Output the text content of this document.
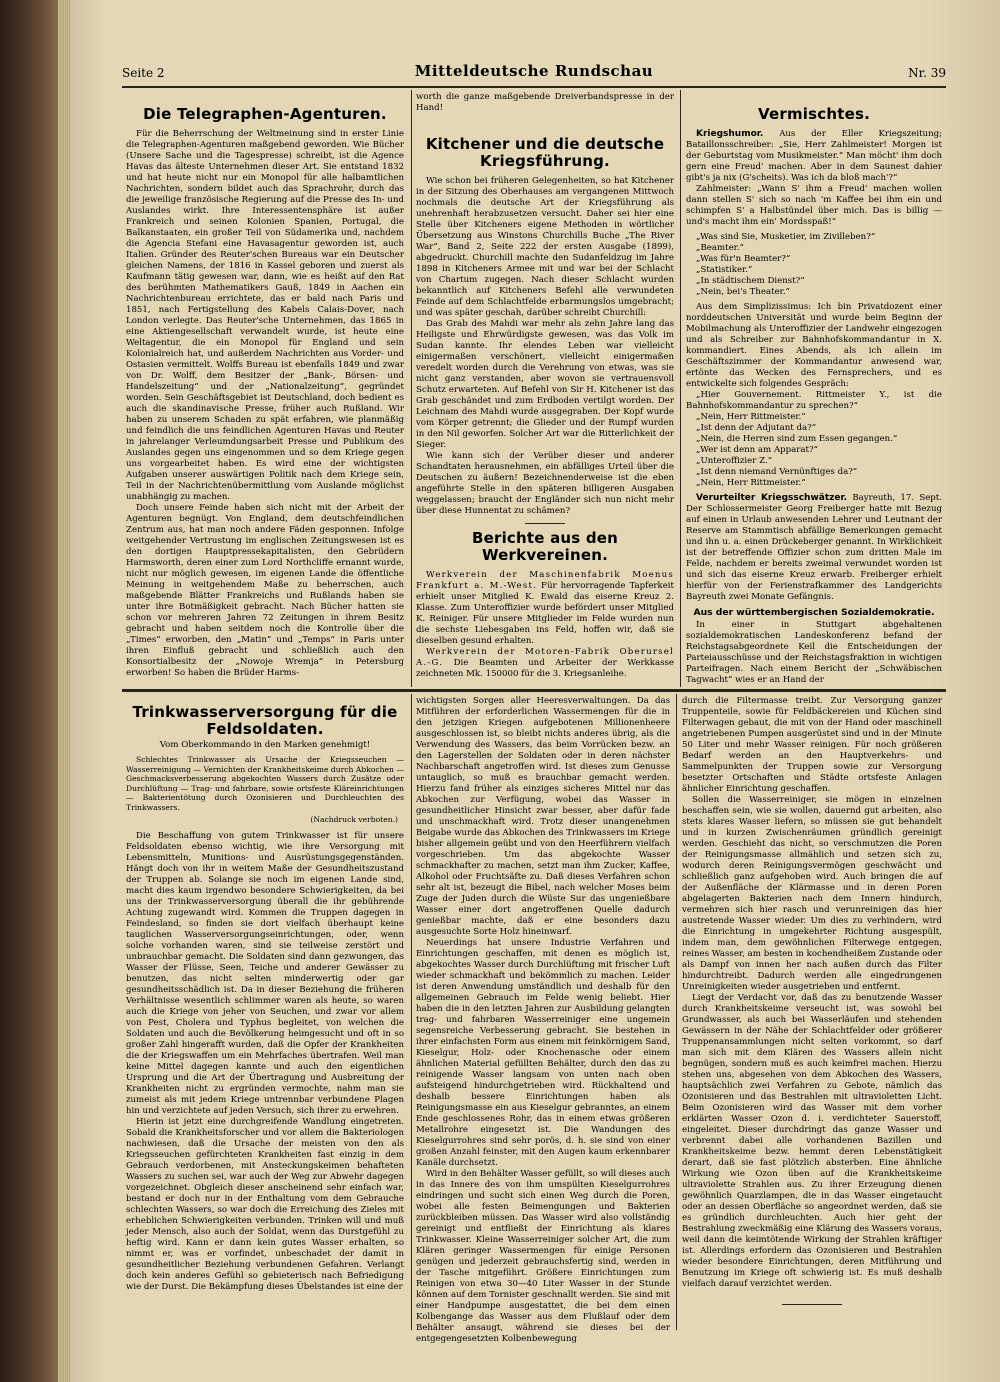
Seite 2	Mitteldeutsche Rundschau	Nr. 39
Die Telegraphen-Agenturen.

Für die Beherrschung der Weltmeinung sind in erster Linie die Telegraphen-Agenturen maßgebend geworden. Wie Bücher (Unsere Sache und die Tagespresse) schreibt, ist die Agence Havas das älteste Unternehmen dieser Art. Sie entstand 1832 und hat heute nicht nur ein Monopol für alle halbamtlichen Nachrichten, sondern bildet auch das Sprachrohr, durch das die jeweilige französische Regierung auf die Presse des In- und Auslandes wirkt. Ihre Interessentensphäre ist außer Frankreich und seinen Kolonien Spanien, Portugal, die Balkanstaaten, ein großer Teil von Südamerika und, nachdem die Agencia Stefani eine Havasagentur geworden ist, auch Italien. Gründer des Reuter'schen Bureaus war ein Deutscher gleichen Namens, der 1816 in Kassel geboren und zuerst als Kaufmann tätig gewesen war, dann, wie es heißt auf den Rat des berühmten Mathematikers Gauß, 1849 in Aachen ein Nachrichtenbureau errichtete, das er bald nach Paris und 1851, nach Fertigstellung des Kabels Calais-Dover, nach London verlegte. Das Reuter'sche Unternehmen, das 1865 in eine Aktiengesellschaft verwandelt wurde, ist heute eine Weltagentur, die ein Monopol für England und sein Kolonialreich hat, und außerdem Nachrichten aus Vorder- und Ostasien vermittelt. Wolffs Bureau ist ebenfalls 1849 und zwar von Dr. Wolff, dem Besitzer der „Bank-, Börsen- und Handelszeitung“ und der „Nationalzeitung“, gegründet worden. Sein Geschäftsgebiet ist Deutschland, doch bedient es auch die skandinavische Presse, früher auch Rußland. Wir haben zu unserem Schaden zu spät erfahren, wie planmäßig und feindlich die uns feindlichen Agenturen Havas und Reuter in jahrelanger Verleumdungsarbeit Presse und Publikum des Auslandes gegen uns eingenommen und so dem Kriege gegen uns vorgearbeitet haben. Es wird eine der wichtigsten Aufgaben unserer auswärtigen Politik nach dem Kriege sein, Teil in der Nachrichtenübermittlung vom Auslande möglichst unabhängig zu machen.

Doch unsere Feinde haben sich nicht mit der Arbeit der Agenturen begnügt. Von England, dem deutschfeindlichen Zentrum aus, hat man noch andere Fäden gesponnen. Infolge weitgehender Vertrustung im englischen Zeitungswesen ist es den dortigen Hauptpressekapitalisten, den Gebrüdern Harmsworth, deren einer zum Lord Northcliffe ernannt wurde, nicht nur möglich gewesen, im eigenen Lande die öffentliche Meinung in weitgehendem Maße zu beherrschen, auch maßgebende Blätter Frankreichs und Rußlands haben sie unter ihre Botmäßigkeit gebracht. Nach Bücher hatten sie schon vor mehreren Jahren 72 Zeitungen in ihrem Besitz gebracht und haben seitdem noch die Kontrolle über die „Times“ erworben, den „Matin“ und „Temps“ in Paris unter ihren Einfluß gebracht und schließlich auch den Konsortialbesitz der „Nowoje Wremja“ in Petersburg erworben! So haben die Brüder Harms-

worth die ganze maßgebende Dreiverbandspresse in der Hand!

Kitchener und die deutsche Kriegsführung.

Wie schon bei früheren Gelegenheiten, so hat Kitchener in der Sitzung des Oberhauses am vergangenen Mittwoch nochmals die deutsche Art der Kriegsführung als unehrenhaft herabzusetzen versucht. Daher sei hier eine Stelle über Kitcheners eigene Methoden in wörtlicher Übersetzung aus Winstons Churchills Buche „The River War“, Band 2, Seite 222 der ersten Ausgabe (1899), abgedruckt. Churchill machte den Sudanfeldzug im Jahre 1898 in Kitcheners Armee mit und war bei der Schlacht von Chartum zugegen. Nach dieser Schlacht wurden bekanntlich auf Kitcheners Befehl alle verwundeten Feinde auf dem Schlachtfelde erbarmungslos umgebracht; und was später geschah, darüber schreibt Churchill:

Das Grab des Mahdi war mehr als zehn Jahre lang das Heiligste und Ehrwürdigste gewesen, was das Volk im Sudan kannte. Ihr elendes Leben war vielleicht einigermaßen verschönert, vielleicht einigermaßen veredelt worden durch die Verehrung von etwas, was sie nicht ganz verstanden, aber wovon sie vertrauensvoll Schutz erwarteten. Auf Befehl von Sir H. Kitchener ist das Grab geschändet und zum Erdboden vertilgt worden. Der Leichnam des Mahdi wurde ausgegraben. Der Kopf wurde vom Körper getrennt; die Glieder und der Rumpf wurden in den Nil geworfen. Solcher Art war die Ritterlichkeit der Sieger.

Wie kann sich der Verüber dieser und anderer Schandtaten herausnehmen, ein abfälliges Urteil über die Deutschen zu äußern! Bezeichnenderweise ist die eben angeführte Stelle in den späteren billigeren Ausgaben weggelassen; braucht der Engländer sich nun nicht mehr über diese Hunnentat zu schämen?

Berichte aus den Werkvereinen.

Werkverein der Maschinenfabrik Moenus Frankfurt a. M.-West. Für hervorragende Tapferkeit erhielt unser Mitglied K. Ewald das eiserne Kreuz 2. Klasse. Zum Unteroffizier wurde befördert unser Mitglied K. Reiniger. Für unsere Mitglieder im Felde wurden nun die sechste Liebesgaben ins Feld, hoffen wir, daß sie dieselben gesund erhalten.

Werkverein der Motoren-Fabrik Oberursel A.-G. Die Beamten und Arbeiter der Werkkasse zeichneten Mk. 150000 für die 3. Kriegsanleihe.

Vermischtes.

Kriegshumor. Aus der Eller Kriegszeitung; Bataillonsschreiber: „Sie, Herr Zahlmeister! Morgen ist der Geburtstag vom Musikmeister.“ Man möcht' ihm doch gern eine Freud' machen. Aber in dem Saunest dahier gibt's ja nix (G'scheits). Was ich da bloß mach'?“

Zahlmeister: „Wann S' ihm a Freud' machen wollen dann stellen S' sich so nach 'm Kaffee bei ihm ein und schimpfen S' a Halbstündel über mich. Das is billig — und's macht ihm ein' Mordsspaß!“

„Was sind Sie, Musketier, im Zivilleben?“

„Beamter.“

„Was für'n Beamter?“

„Statistiker.“

„In städtischem Dienst?“

„Nein, bei's Theater.“

Aus dem Simplizissimus: Ich bin Privatdozent einer norddeutschen Universität und wurde beim Beginn der Mobilmachung als Unteroffizier der Landwehr eingezogen und als Schreiber zur Bahnhofskommandantur in X. kommandiert. Eines Abends, als ich allein im Geschäftszimmer der Kommandantur anwesend war, ertönte das Wecken des Fernsprechers, und es entwickelte sich folgendes Gespräch:

„Hier Gouvernement. Rittmeister Y., ist die Bahnhofskommandantur zu sprechen?“

„Nein, Herr Rittmeister.“

„Ist denn der Adjutant da?“

„Nein, die Herren sind zum Essen gegangen.“

„Wer ist denn am Apparat?“

„Unteroffizier Z.“

„Ist denn niemand Vernünftiges da?“

„Nein, Herr Rittmeister.“

Verurteilter Kriegsschwätzer. Bayreuth, 17. Sept. Der Schlossermeister Georg Freiberger hatte mit Bezug auf einen in Urlaub anwesenden Lehrer und Leutnant der Reserve am Stammtisch abfällige Bemerkungen gemacht und ihn u. a. einen Drückeberger genannt. In Wirklichkeit ist der betreffende Offizier schon zum dritten Male im Felde, nachdem er bereits zweimal verwundet worden ist und sich das eiserne Kreuz erwarb. Freiberger erhielt hierfür von der Ferienstrafkammer des Landgerichts Bayreuth zwei Monate Gefängnis.

Aus der württembergischen Sozialdemokratie.

In einer in Stuttgart abgehaltenen sozialdemokratischen Landeskonferenz befand der Reichstagsabgeordnete Keil die Entscheidungen der Parteiausschüsse und der Reichstagsfraktion in wichtigen Parteifragen. Nach einem Bericht der „Schwäbischen Tagwacht“ wies er an Hand der

Trinkwasserversorgung für die
Feldsoldaten.
Vom Oberkommando in den Marken genehmigt!

Schlechtes Trinkwasser als Ursache der Kriegsseuchen — Wasserreinigung — Vernichten der Krankheitskeime durch Abkochen — Geschmacksverbesserung abgekochten Wassers durch Zusätze oder Durchlüftung — Trag- und fahrbare, sowie ortsfeste Kläreinrichtungen — Bakterientötung durch Ozonisieren und Durchleuchten des Trinkwassers.

(Nachdruck verboten.)

Die Beschaffung von gutem Trinkwasser ist für unsere Feldsoldaten ebenso wichtig, wie ihre Versorgung mit Lebensmitteln, Munitions- und Ausrüstungsgegenständen. Hängt doch von ihr in weitem Maße der Gesundheitszustand der Truppen ab. Solange sie noch im eigenen Lande sind, macht dies kaum irgendwo besondere Schwierigkeiten, da bei uns der Trinkwasserversorgung überall die ihr gebührende Achtung zugewandt wird. Kommen die Truppen dagegen in Feindesland, so finden sie dort vielfach überhaupt keine tauglichen Wasserversorgungseinrichtungen, oder, wenn solche vorhanden waren, sind sie teilweise zerstört und unbrauchbar gemacht. Die Soldaten sind dann gezwungen, das Wasser der Flüsse, Seen, Teiche und anderer Gewässer zu benutzen, das nicht selten minderwertig oder gar gesundheitsschädlich ist. Da in dieser Beziehung die früheren Verhältnisse wesentlich schlimmer waren als heute, so waren auch die Kriege von jeher von Seuchen, und zwar vor allem von Pest, Cholera und Typhus begleitet, von welchen die Soldaten und auch die Bevölkerung heimgesucht und oft in so großer Zahl hingerafft wurden, daß die Opfer der Krankheiten die der Kriegswaffen um ein Mehrfaches übertrafen. Weil man keine Mittel dagegen kannte und auch den eigentlichen Ursprung und die Art der Übertragung und Ausbreitung der Krankheiten nicht zu ergründen vermochte, nahm man sie zumeist als mit jedem Kriege untrennbar verbundene Plagen hin und verzichtete auf jeden Versuch, sich ihrer zu erwehren.

Hierin ist jetzt eine durchgreifende Wandlung eingetreten. Sobald die Krankheitsforscher und vor allem die Bakteriologen nachwiesen, daß die Ursache der meisten von den als Kriegsseuchen gefürchteten Krankheiten fast einzig in dem Gebrauch verdorbenen, mit Ansteckungskeimen behafteten Wassers zu suchen sei, war auch der Weg zur Abwehr dagegen vorgezeichnet. Obgleich dieser anscheinend sehr einfach war, bestand er doch nur in der Enthaltung vom dem Gebrauche schlechten Wassers, so war doch die Erreichung des Zieles mit erheblichen Schwierigkeiten verbunden. Trinken will und muß jeder Mensch, also auch der Soldat, wenn das Durstgefühl zu heftig wird. Kann er dann kein gutes Wasser erhalten, so nimmt er, was er vorfindet, unbeschadet der damit in gesundheitlicher Beziehung verbundenen Gefahren. Verlangt doch kein anderes Gefühl so gebieterisch nach Befriedigung wie der Durst. Die Bekämpfung dieses Übelstandes ist eine der

wichtigsten Sorgen aller Heeresverwaltungen. Da das Mitführen der erforderlichen Wassermengen für die in den jetzigen Kriegen aufgebotenen Millionenheere ausgeschlossen ist, so bleibt nichts anderes übrig, als die Verwendung des Wassers, das beim Vorrücken bezw. an den Lagerstellen der Soldaten oder in deren nächster Nachbarschaft angetroffen wird. Ist dieses zum Genusse untauglich, so muß es brauchbar gemacht werden. Hierzu fand früher als einziges sicheres Mittel nur das Abkochen zur Verfügung, wobei das Wasser in gesundheitlicher Hinsicht zwar besser, aber dafür fade und unschmackhaft wird. Trotz dieser unangenehmen Beigabe wurde das Abkochen des Trinkwassers im Kriege bisher allgemein geübt und von den Heerführern vielfach vorgeschrieben. Um das abgekochte Wasser schmackhafter zu machen, setzt man ihm Zucker, Kaffee, Alkohol oder Fruchtsäfte zu. Daß dieses Verfahren schon sehr alt ist, bezeugt die Bibel, nach welcher Moses beim Zuge der Juden durch die Wüste Sur das ungenießbare Wasser einer dort angetroffenen Quelle dadurch genießbar machte, daß er eine besonders dazu ausgesuchte Sorte Holz hineinwarf.

Neuerdings hat unsere Industrie Verfahren und Einrichtungen geschaffen, mit denen es möglich ist, abgekochtes Wasser durch Durchlüftung mit frischer Luft wieder schmackhaft und bekömmlich zu machen. Leider ist deren Anwendung umständlich und deshalb für den allgemeinen Gebrauch im Felde wenig beliebt. Hier haben die in den letzten Jahren zur Ausbildung gelangten trag- und fahrbaren Wasserreiniger eine ungemein segensreiche Verbesserung gebracht. Sie bestehen in ihrer einfachsten Form aus einem mit feinkörnigem Sand, Kieselgur, Holz- oder Knochenasche oder einem ähnlichen Material gefüllten Behälter, durch den das zu reinigende Wasser langsam von unten nach oben aufsteigend hindurchgetrieben wird. Rückhaltend und deshalb bessere Einrichtungen haben als Reinigungsmasse ein aus Kieselgur gebranntes, an einem Ende geschlossenes Rohr, das in einem etwas größeren Metallrohre eingesetzt ist. Die Wandungen des Kieselgurrohres sind sehr porös, d. h. sie sind von einer großen Anzahl feinster, mit den Augen kaum erkennbarer Kanäle durchsetzt.

Wird in den Behälter Wasser gefüllt, so will dieses auch in das Innere des von ihm umspülten Kieselgurrohres eindringen und sucht sich einen Weg durch die Poren, wobei alle festen Beimengungen und Bakterien zurückbleiben müssen. Das Wasser wird also vollständig gereinigt und entfließt der Einrichtung als klares Trinkwasser. Kleine Wasserreiniger solcher Art, die zum Klären geringer Wassermengen für einige Personen genügen und jederzeit gebrauchsfertig sind, werden in der Tasche mitgeführt. Größere Einrichtungen zum Reinigen von etwa 30—40 Liter Wasser in der Stunde können auf dem Tornister geschnallt werden. Sie sind mit einer Handpumpe ausgestattet, die bei dem einen Kolbengange das Wasser aus dem Flußlauf oder dem Behälter ansaugt, während sie dieses bei der entgegengesetzten Kolbenbewegung

durch die Filtermasse treibt. Zur Versorgung ganzer Truppenteile, sowie für Feldbäckereien und Küchen sind Filterwagen gebaut, die mit von der Hand oder maschinell angetriebenen Pumpen ausgerüstet sind und in der Minute 50 Liter und mehr Wasser reinigen. Für noch größeren Bedarf werden an den Hauptverkehrs- und Sammelpunkten der Truppen sowie zur Versorgung besetzter Ortschaften und Städte ortsfeste Anlagen ähnlicher Einrichtung geschaffen.

Sollen die Wasserreiniger, sie mögen in einzelnen beschaffen sein, wie sie wollen, dauernd gut arbeiten, also stets klares Wasser liefern, so müssen sie gut behandelt und in kurzen Zwischenräumen gründlich gereinigt werden. Geschieht das nicht, so verschmutzen die Poren der Reinigungsmasse allmählich und setzen sich zu, wodurch deren Reinigungsvermögen geschwächt und schließlich ganz aufgehoben wird. Auch bringen die auf der Außenfläche der Klärmasse und in deren Poren abgelagerten Bakterien nach dem Innern hindurch, vermehren sich hier rasch und verunreinigen das hier austretende Wasser wieder. Um dies zu verhindern, wird die Einrichtung in umgekehrter Richtung ausgespült, indem man, dem gewöhnlichen Filterwege entgegen, reines Wasser, am besten in kochendheißem Zustande oder als Dampf von innen her nach außen durch das Filter hindurchtreibt. Dadurch werden alle eingedrungenen Unreinigkeiten wieder ausgetrieben und entfernt.

Liegt der Verdacht vor, daß das zu benutzende Wasser durch Krankheitskeime verseucht ist, was sowohl bei Grundwasser, als auch bei Wasserläufen und stehenden Gewässern in der Nähe der Schlachtfelder oder größerer Truppenansammlungen nicht selten vorkommt, so darf man sich mit dem Klären des Wassers allein nicht begnügen, sondern muß es auch keimfrei machen. Hierzu stehen uns, abgesehen von dem Abkochen des Wassers, hauptsächlich zwei Verfahren zu Gebote, nämlich das Ozonisieren und das Bestrahlen mit ultravioletten Licht. Beim Ozonisieren wird das Wasser mit dem vorher erklärten Wasser Ozon d. i. verdichteter Sauerstoff, eingeleitet. Dieser durchdringt das ganze Wasser und verbrennt dabei alle vorhandenen Bazillen und Krankheitskeime bezw. hemmt deren Lebenstätigkeit derart, daß sie fast plötzlich absterben. Eine ähnliche Wirkung wie Ozon üben auf die Krankheitskeime ultraviolette Strahlen aus. Zu ihrer Erzeugung dienen gewöhnlich Quarzlampen, die in das Wasser eingetaucht oder an dessen Oberfläche so angeordnet werden, daß sie es gründlich durchleuchten. Auch hier geht der Bestrahlung zweckmäßig eine Klärung des Wassers voraus, weil dann die keimtötende Wirkung der Strahlen kräftiger ist. Allerdings erfordern das Ozonisieren und Bestrahlen wieder besondere Einrichtungen, deren Mitführung und Benutzung im Kriege oft schwierig ist. Es muß deshalb vielfach darauf verzichtet werden.
